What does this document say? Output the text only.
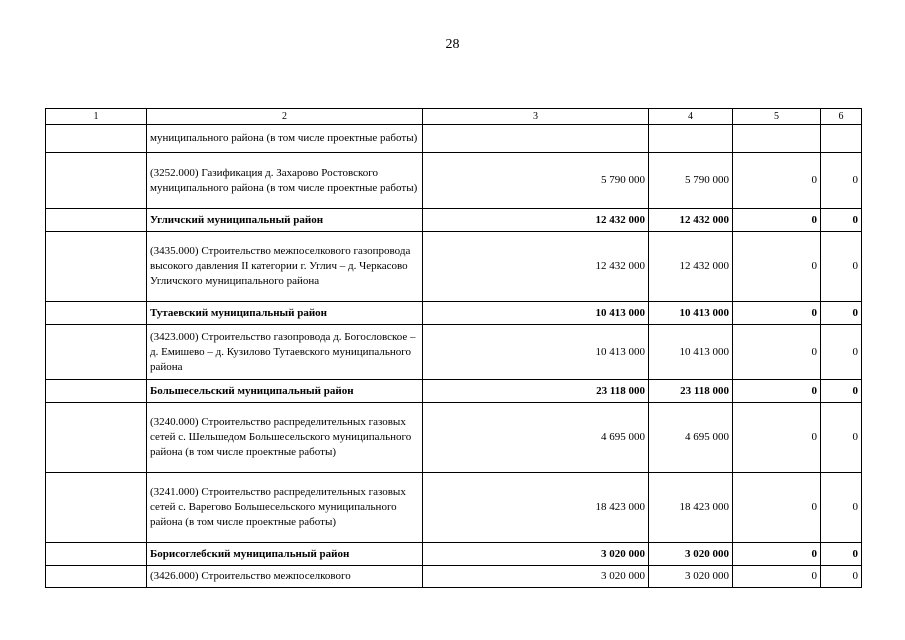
28
1	2	3	4	5	6
	муниципального района (в том числе проектные работы)				
	(3252.000) Газификация д. Захарово Ростовского муниципального района (в том числе проектные работы)	5 790 000	5 790 000	0	0
	Угличский муниципальный район	12 432 000	12 432 000	0	0
	(3435.000) Строительство межпоселкового газопровода высокого давления II категории г. Углич – д. Черкасово Угличского муниципального района	12 432 000	12 432 000	0	0
	Тутаевский муниципальный район	10 413 000	10 413 000	0	0
	(3423.000) Строительство газопровода д. Богословское – д. Емишево – д. Кузилово Тутаевского муниципального района	10 413 000	10 413 000	0	0
	Большесельский муниципальный район	23 118 000	23 118 000	0	0
	(3240.000) Строительство распределительных газовых сетей с. Шельшедом Большесельского муниципального района (в том числе проектные работы)	4 695 000	4 695 000	0	0
	(3241.000) Строительство распределительных газовых сетей с. Варегово Большесельского муниципального района (в том числе проектные работы)	18 423 000	18 423 000	0	0
	Борисоглебский муниципальный район	3 020 000	3 020 000	0	0
	(3426.000) Строительство межпоселкового	3 020 000	3 020 000	0	0
